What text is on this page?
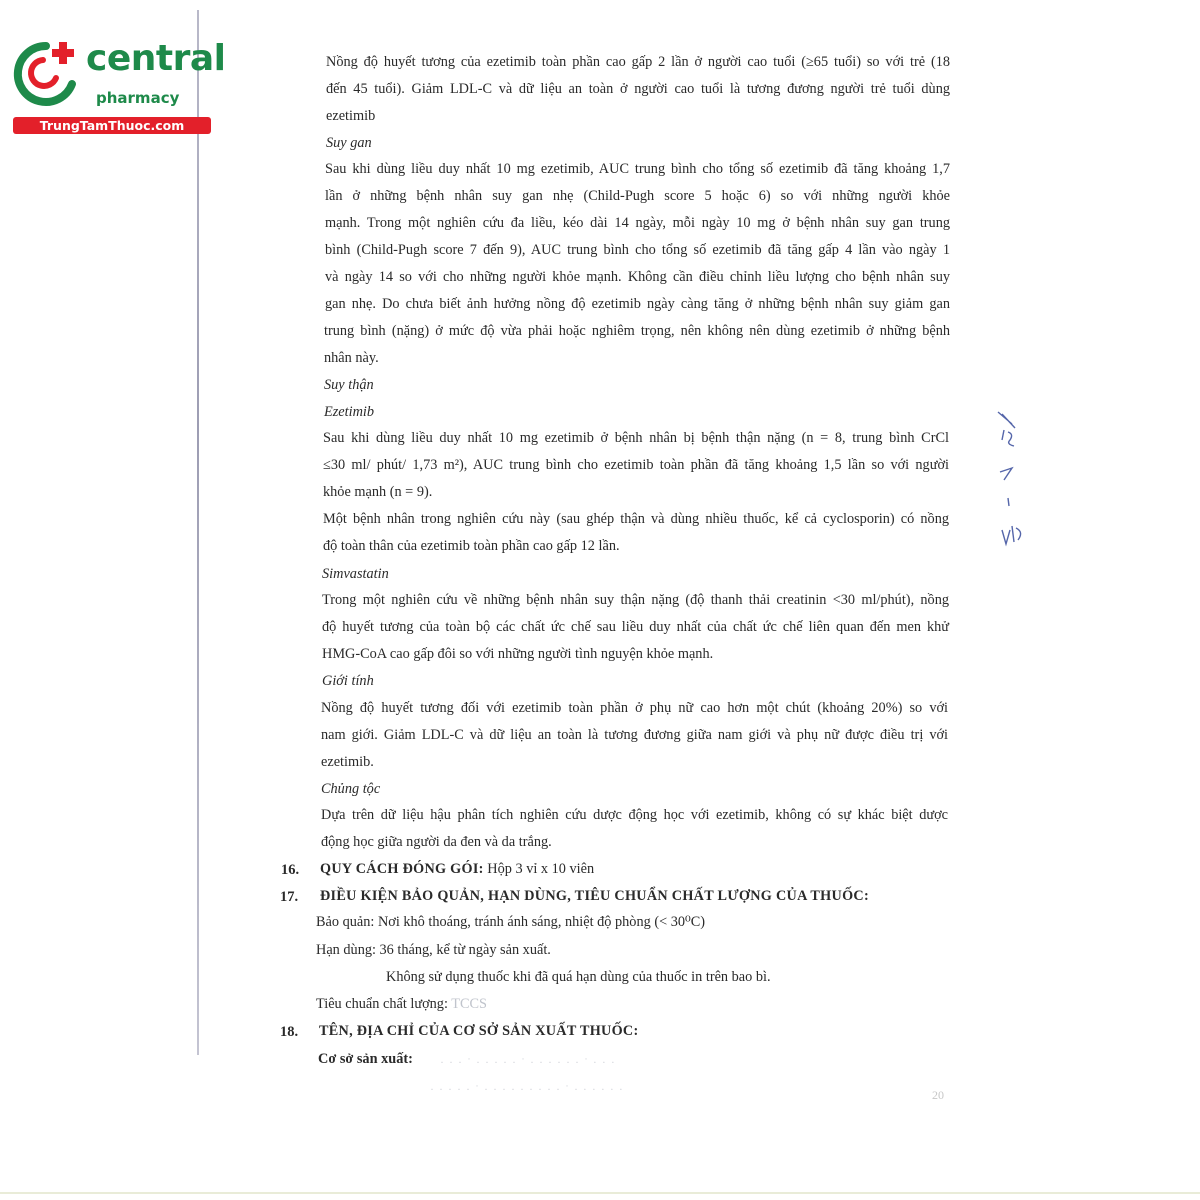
central
pharmacy
TrungTamThuoc.com
Nồng độ huyết tương của ezetimib toàn phần cao gấp 2 lần ở người cao tuổi (≥65 tuổi) so với trẻ (18
đến 45 tuổi). Giảm LDL-C và dữ liệu an toàn ở người cao tuổi là tương đương người trẻ tuổi dùng
ezetimib
Suy gan
Sau khi dùng liều duy nhất 10 mg ezetimib, AUC trung bình cho tổng số ezetimib đã tăng khoảng 1,7
lần ở những bệnh nhân suy gan nhẹ (Child-Pugh score 5 hoặc 6) so với những người khỏe
mạnh. Trong một nghiên cứu đa liều, kéo dài 14 ngày, mỗi ngày 10 mg ở bệnh nhân suy gan trung
bình (Child-Pugh score 7 đến 9), AUC trung bình cho tổng số ezetimib đã tăng gấp 4 lần vào ngày 1
và ngày 14 so với cho những người khỏe mạnh. Không cần điều chỉnh liều lượng cho bệnh nhân suy
gan nhẹ. Do chưa biết ảnh hưởng nồng độ ezetimib ngày càng tăng ở những bệnh nhân suy giảm gan
trung bình (nặng) ở mức độ vừa phải hoặc nghiêm trọng, nên không nên dùng ezetimib ở những bệnh
nhân này.
Suy thận
Ezetimib
Sau khi dùng liều duy nhất 10 mg ezetimib ở bệnh nhân bị bệnh thận nặng (n = 8, trung bình CrCl
≤30 ml/ phút/ 1,73 m²), AUC trung bình cho ezetimib toàn phần đã tăng khoảng 1,5 lần so với người
khỏe mạnh (n = 9).
Một bệnh nhân trong nghiên cứu này (sau ghép thận và dùng nhiều thuốc, kể cả cyclosporin) có nồng
độ toàn thân của ezetimib toàn phần cao gấp 12 lần.
Simvastatin
Trong một nghiên cứu về những bệnh nhân suy thận nặng (độ thanh thải creatinin <30 ml/phút), nồng
độ huyết tương của toàn bộ các chất ức chế sau liều duy nhất của chất ức chế liên quan đến men khử
HMG-CoA cao gấp đôi so với những người tình nguyện khỏe mạnh.
Giới tính
Nồng độ huyết tương đối với ezetimib toàn phần ở phụ nữ cao hơn một chút (khoảng 20%) so với
nam giới. Giảm LDL-C và dữ liệu an toàn là tương đương giữa nam giới và phụ nữ được điều trị với
ezetimib.
Chủng tộc
Dựa trên dữ liệu hậu phân tích nghiên cứu dược động học với ezetimib, không có sự khác biệt dược
động học giữa người da đen và da trắng.
16. QUY CÁCH ĐÓNG GÓI: Hộp 3 vỉ x 10 viên
17. ĐIỀU KIỆN BẢO QUẢN, HẠN DÙNG, TIÊU CHUẨN CHẤT LƯỢNG CỦA THUỐC:
Bảo quản: Nơi khô thoáng, tránh ánh sáng, nhiệt độ phòng (< 30⁰C)
Hạn dùng: 36 tháng, kể từ ngày sản xuất.
Không sử dụng thuốc khi đã quá hạn dùng của thuốc in trên bao bì.
Tiêu chuẩn chất lượng: TCCS
18. TÊN, ĐỊA CHỈ CỦA CƠ SỞ SẢN XUẤT THUỐC:
Cơ sở sản xuất: · · · ˙ · · · · · ˙ · · · · · · ˙ · · ·
· · · · · ˙ · · · · · · · · · ˙ · · · · · ·	20
